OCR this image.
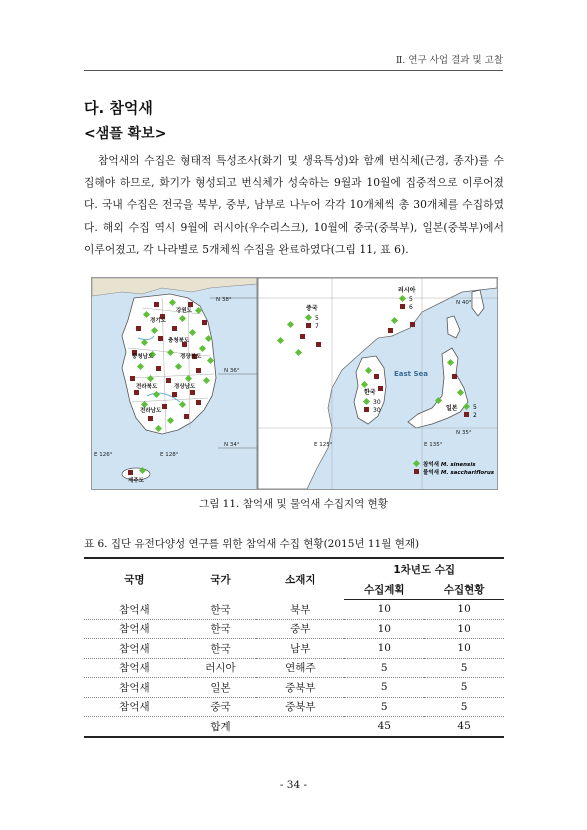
Ⅱ. 연구 사업 결과 및 고찰
다. 참억새
<샘플 확보>
참억새의 수집은 형태적 특성조사(화기 및 생육특성)와 함께 번식체(근경, 종자)를 수집해야 하므로, 화기가 형성되고 번식체가 성숙하는 9월과 10월에 집중적으로 이루어졌다. 국내 수집은 전국을 북부, 중부, 남부로 나누어 각각 10개체씩 총 30개체를 수집하였다. 해외 수집 역시 9월에 러시아(우수리스크), 10월에 중국(중북부), 일본(중북부)에서 이루어졌고, 각 나라별로 5개체씩 수집을 완료하였다(그림 11, 표 6).
N 38°
N 36°
N 34°
E 126°	E 128°
강원도
경기도
충청북도
충청남도	경상북도
전라북도	경상남도
전라남도
제주도
N 40°
N 35°
E 125°	E 135°
East Sea
중국
5
7
한국
30
30
러시아
5
6
일본	5
2
참억새 M. sinensis
물억새 M. sacchariflorus
그림 11. 참억새 및 물억새 수집지역 현황
표 6. 집단 유전다양성 연구를 위한 참억새 수집 현황(2015년 11월 현재)
국명	국가	소재지	1차년도 수집	
			수집계획	수집현황
참억새	한국	북부	10	10
참억새	한국	중부	10	10
참억새	한국	남부	10	10
참억새	러시아	연해주	5	5
참억새	일본	중북부	5	5
참억새	중국	중북부	5	5
	합계		45	45
- 34 -
